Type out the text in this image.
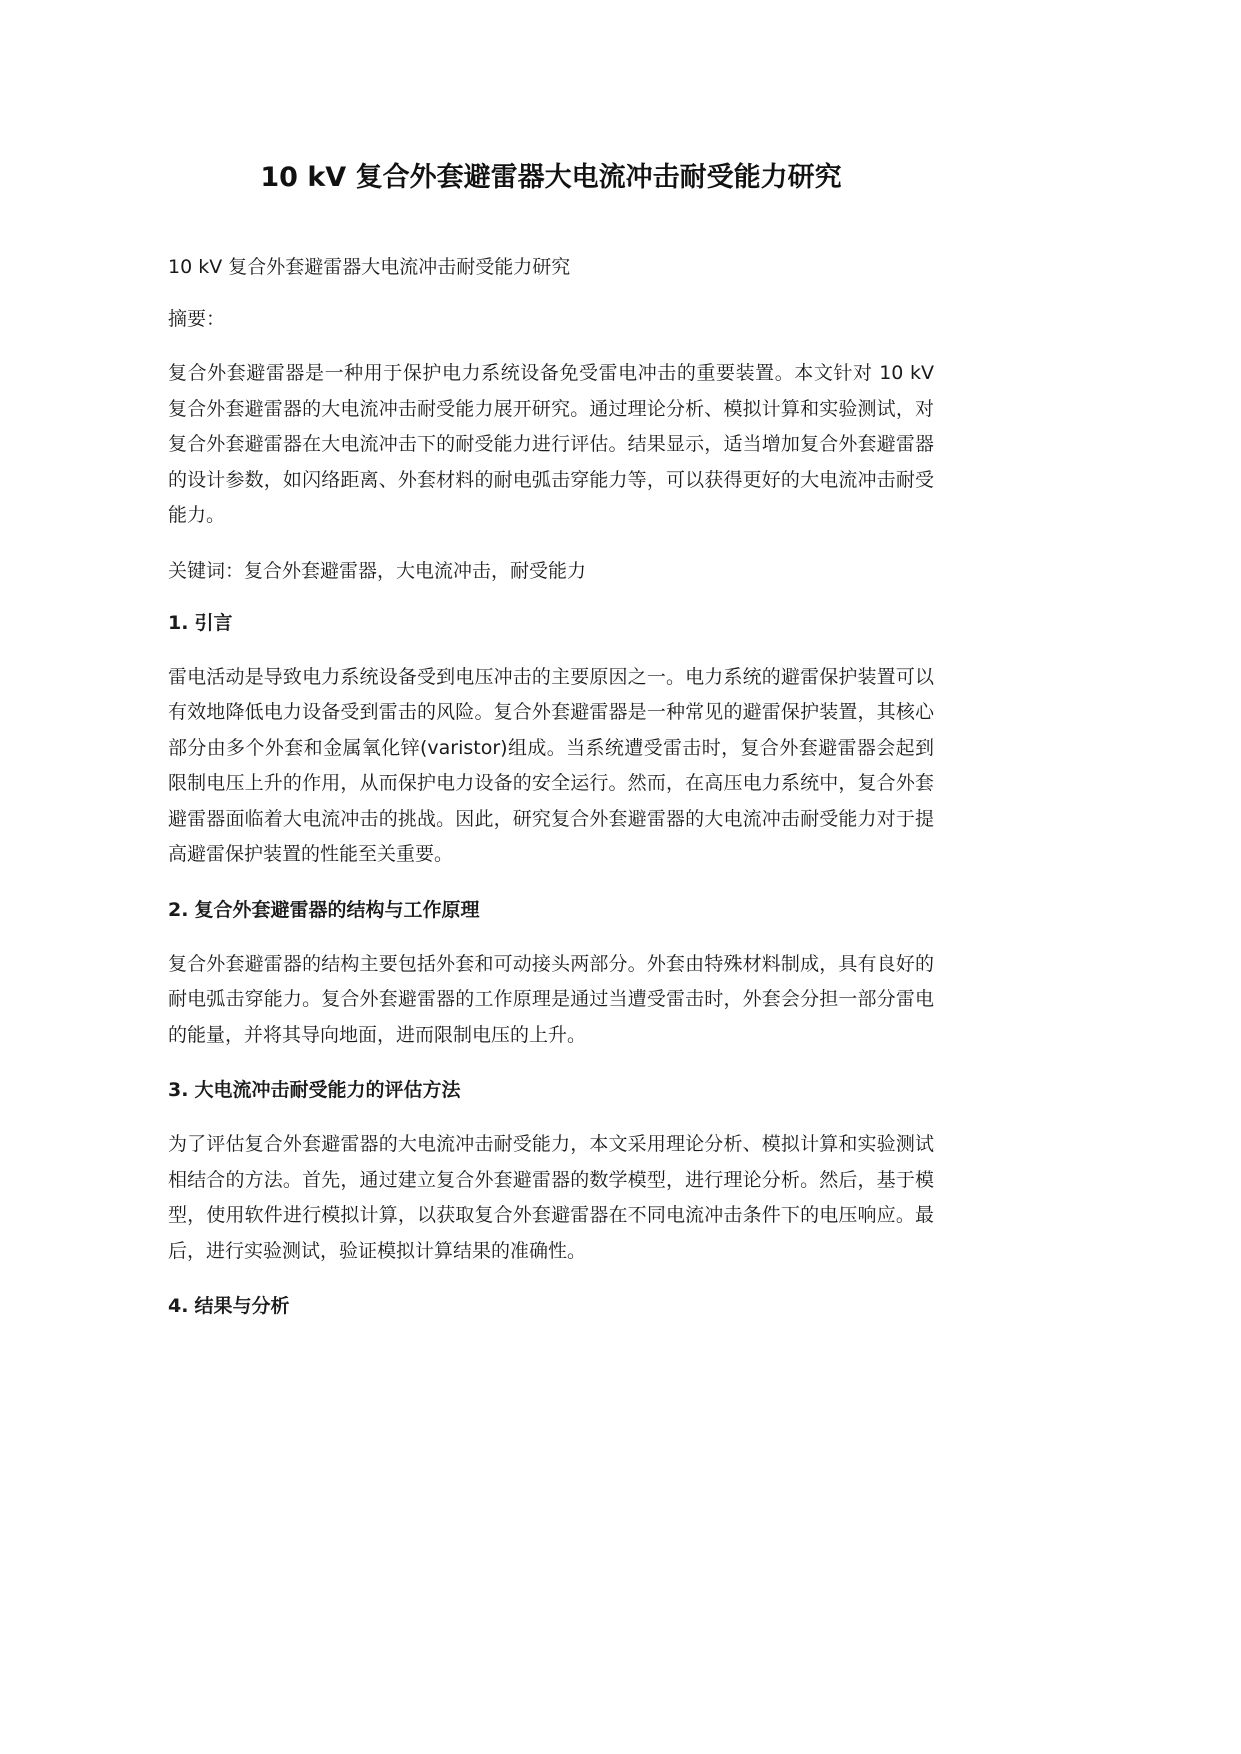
10 kV 复合外套避雷器大电流冲击耐受能力研究

10 kV 复合外套避雷器大电流冲击耐受能力研究

摘要：

复合外套避雷器是一种用于保护电力系统设备免受雷电冲击的重要装置。本文针对 10 kV 复合外套避雷器的大电流冲击耐受能力展开研究。通过理论分析、模拟计算和实验测试，对复合外套避雷器在大电流冲击下的耐受能力进行评估。结果显示，适当增加复合外套避雷器的设计参数，如闪络距离、外套材料的耐电弧击穿能力等，可以获得更好的大电流冲击耐受能力。

关键词：复合外套避雷器，大电流冲击，耐受能力

1. 引言

雷电活动是导致电力系统设备受到电压冲击的主要原因之一。电力系统的避雷保护装置可以有效地降低电力设备受到雷击的风险。复合外套避雷器是一种常见的避雷保护装置，其核心部分由多个外套和金属氧化锌(varistor)组成。当系统遭受雷击时，复合外套避雷器会起到限制电压上升的作用，从而保护电力设备的安全运行。然而，在高压电力系统中，复合外套避雷器面临着大电流冲击的挑战。因此，研究复合外套避雷器的大电流冲击耐受能力对于提高避雷保护装置的性能至关重要。

2. 复合外套避雷器的结构与工作原理

复合外套避雷器的结构主要包括外套和可动接头两部分。外套由特殊材料制成，具有良好的耐电弧击穿能力。复合外套避雷器的工作原理是通过当遭受雷击时，外套会分担一部分雷电的能量，并将其导向地面，进而限制电压的上升。

3. 大电流冲击耐受能力的评估方法

为了评估复合外套避雷器的大电流冲击耐受能力，本文采用理论分析、模拟计算和实验测试相结合的方法。首先，通过建立复合外套避雷器的数学模型，进行理论分析。然后，基于模型，使用软件进行模拟计算，以获取复合外套避雷器在不同电流冲击条件下的电压响应。最后，进行实验测试，验证模拟计算结果的准确性。

4. 结果与分析
